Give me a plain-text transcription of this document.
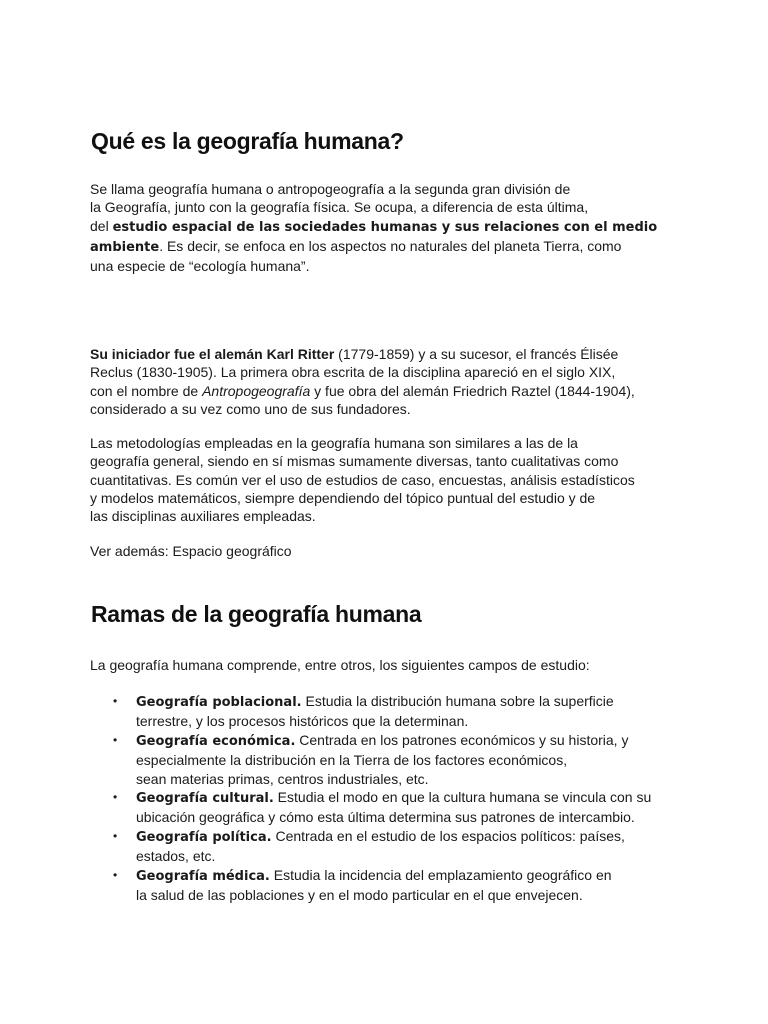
Qué es la geografía humana?

Se llama geografía humana o antropogeografía a la segunda gran división de
la Geografía, junto con la geografía física. Se ocupa, a diferencia de esta última,
del estudio espacial de las sociedades humanas y sus relaciones con el medio
ambiente. Es decir, se enfoca en los aspectos no naturales del planeta Tierra, como
una especie de “ecología humana”.

Su iniciador fue el alemán Karl Ritter (1779-1859) y a su sucesor, el francés Élisée
Reclus (1830-1905). La primera obra escrita de la disciplina apareció en el siglo XIX,
con el nombre de Antropogeografía y fue obra del alemán Friedrich Raztel (1844-1904),
considerado a su vez como uno de sus fundadores.

Las metodologías empleadas en la geografía humana son similares a las de la
geografía general, siendo en sí mismas sumamente diversas, tanto cualitativas como
cuantitativas. Es común ver el uso de estudios de caso, encuestas, análisis estadísticos
y modelos matemáticos, siempre dependiendo del tópico puntual del estudio y de
las disciplinas auxiliares empleadas.

Ver además: Espacio geográfico

Ramas de la geografía humana

La geografía humana comprende, entre otros, los siguientes campos de estudio:

• Geografía poblacional. Estudia la distribución humana sobre la superficie
terrestre, y los procesos históricos que la determinan.
• Geografía económica. Centrada en los patrones económicos y su historia, y
especialmente la distribución en la Tierra de los factores económicos,
sean materias primas, centros industriales, etc.
• Geografía cultural. Estudia el modo en que la cultura humana se vincula con su
ubicación geográfica y cómo esta última determina sus patrones de intercambio.
• Geografía política. Centrada en el estudio de los espacios políticos: países,
estados, etc.
• Geografía médica. Estudia la incidencia del emplazamiento geográfico en
la salud de las poblaciones y en el modo particular en el que envejecen.
